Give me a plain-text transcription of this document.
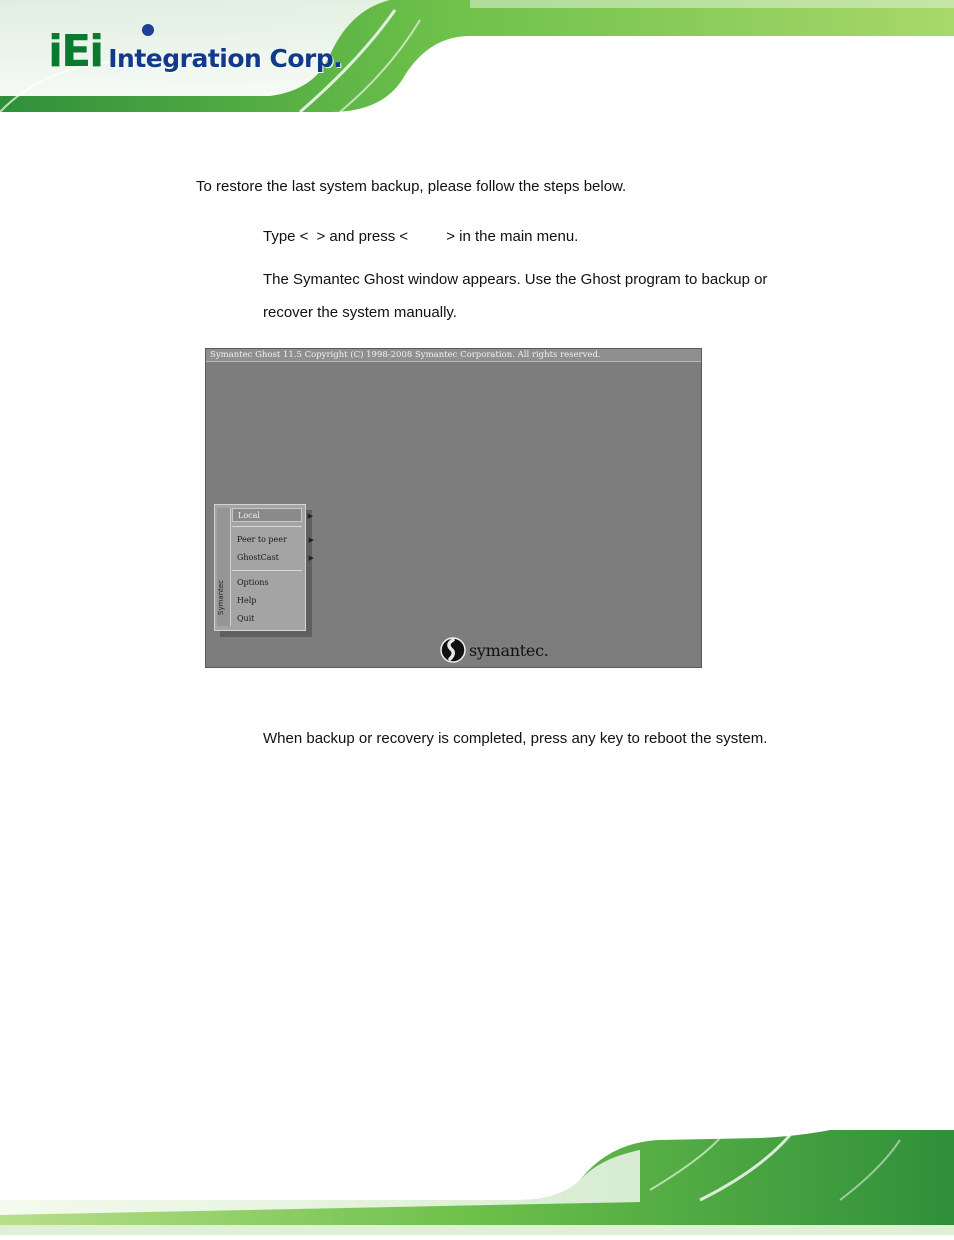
iEi Integration Corp.
To restore the last system backup, please follow the steps below.
Type < > and press <	> in the main menu.
The Symantec Ghost window appears. Use the Ghost program to backup or
recover the system manually.
Symantec Ghost 11.5 Copyright (C) 1998-2008 Symantec Corporation. All rights reserved.
Symantec
Local	▶
Peer to peer	▶
GhostCast	▶
Options
Help
Quit
symantec.
When backup or recovery is completed, press any key to reboot the system.
